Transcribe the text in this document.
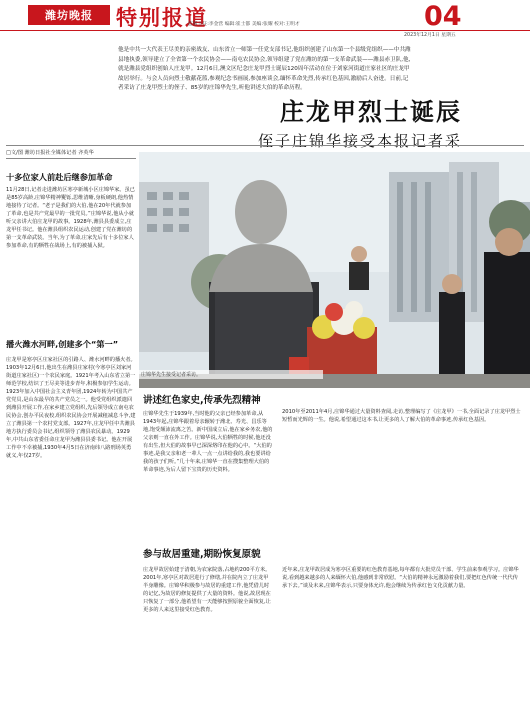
潍坊晚报	特别报道
监版主任:李金营 编辑:崔士都 美编:张耀 校对:王明才	04
2023年12月1日 星期五
他是中共一大代表王尽美的亲密战友、山东省立一师第一任党支部书记,他组织创建了山东第一个县级党组织——中共潍县地执委,领导建立了全省第一个农民协会——南屯农民协会,领导组建了党在潍坊的第一支革命武装——潍县赤卫队,他,就是潍县党组织创始人庄龙甲。12月6日,澳文区纪念庄龙甲烈士诞辰120周年活动在位于刘家河街道庄家社区的庄龙甲故居举行。与会人员向烈士敬献花篮,参观纪念书画展,参加座谈会,缅怀革命先烈,传承红色基因,激励后人奋进。日前,记者采访了庄龙甲烈士的侄子、85岁的庄锦华先生,听他讲述大伯的革命历程。
庄龙甲烈士诞辰
侄子庄锦华接受本报记者采
□文/图 潍坊日报社全媒体记者 齐英华
十多位家人前赴后继参加革命
11月28日,记者走进潍坊区寒亭新城小区庄锦华家。虽已是85岁高龄,庄锦华精神矍铄,思维清晰,身板硬朗,他热情地接待了记者。“老子是我们的大伯,他在20年代就参加了革命,也是共产党最早的一批党员。”庄锦华说,他从小就听父亲讲大伯庄龙甲的故事。1928年,潍县县委成立,庄龙甲任书记。他在潍县组织农民运动,创建了党在潍坊的第一支革命武装。当年,为了革命,庄家先后有十多位家人参加革命,有的牺牲在战场上,有的被捕入狱。
播火潍水河畔,创建多个“第一”
庄龙甲是寒亭区庄家社区的引路人、潍水河畔的播火者。1903年12月6日,他出生在潍县庄家村(今寒亭区刘家河街道庄家社区)一个农民家庭。1921年考入山东省立第一师范学校,结识了王尽美等进步青年,积极参加学生运动。1923年加入中国社会主义青年团,1924年转为中国共产党党员,是山东最早的共产党员之一。他受党组织派遣回到潍县开展工作,在家乡建立党组织,先后领导成立南屯农民协会,创办平民夜校,组织农民协会开展减租减息斗争,建立了潍县第一个农村党支部。1927年,庄龙甲任中共潍县地方执行委员会书记,组织领导了潍县农民暴动。1929年,中共山东省委任命庄龙甲为潍县县委书记。他在开展工作中不幸被捕,1930年4月5日在济南纬八路刑场英勇就义,年仅27岁。
庄锦华先生接受记者采访。
讲述红色家史,传承先烈精神
庄锦华先生于1939年,当时他的父亲已经参加革命,从1943年起,庄锦华跟着母亲辗转于潍北、寿光、昌乐等地,饱受颠沛流离之苦。新中国成立后,他在家乡务农,他的父亲则一直在外工作。庄锦华说,大伯牺牲的时候,他还没有出生,但大伯的故事早已深深烙印在他的心中。“大伯的事迹,是我父亲和老一辈人一点一点讲给我的,我也要讲给我的孩子们听。”几十年来,庄锦华一直在搜集整理大伯的革命事迹,为后人留下宝贵的历史资料。
2010年至2011年4月,庄锦华通过大量资料查阅,走访,整理编写了《庄龙甲》一书,全面记录了庄龙甲烈士短暂而光辉的一生。他说,希望通过这本书,让更多的人了解大伯的革命事迹,传承红色基因。
参与故居重建,期盼恢复原貌
庄龙甲故居始建于清朝,为农家院落,占地约200平方米。2001年,寒亭区对故居进行了修缮,并在院内立了庄龙甲半身雕像。庄锦华积极参与故居的重建工作,他凭借儿时的记忆,为故居的修复提供了大量的资料。他说,故居现在只恢复了一部分,他希望有一天能够按照原貌全面恢复,让更多的人来这里接受红色教育。
近年来,庄龙甲故居成为寒亭区重要的红色教育基地,每年都有大批党员干部、学生前来参观学习。庄锦华说,看到越来越多的人来缅怀大伯,他感到非常欣慰。“大伯的精神永远激励着我们,要把红色传统一代代传承下去。”谈及未来,庄锦华表示,只要身体允许,他会继续为传承红色文化贡献力量。
